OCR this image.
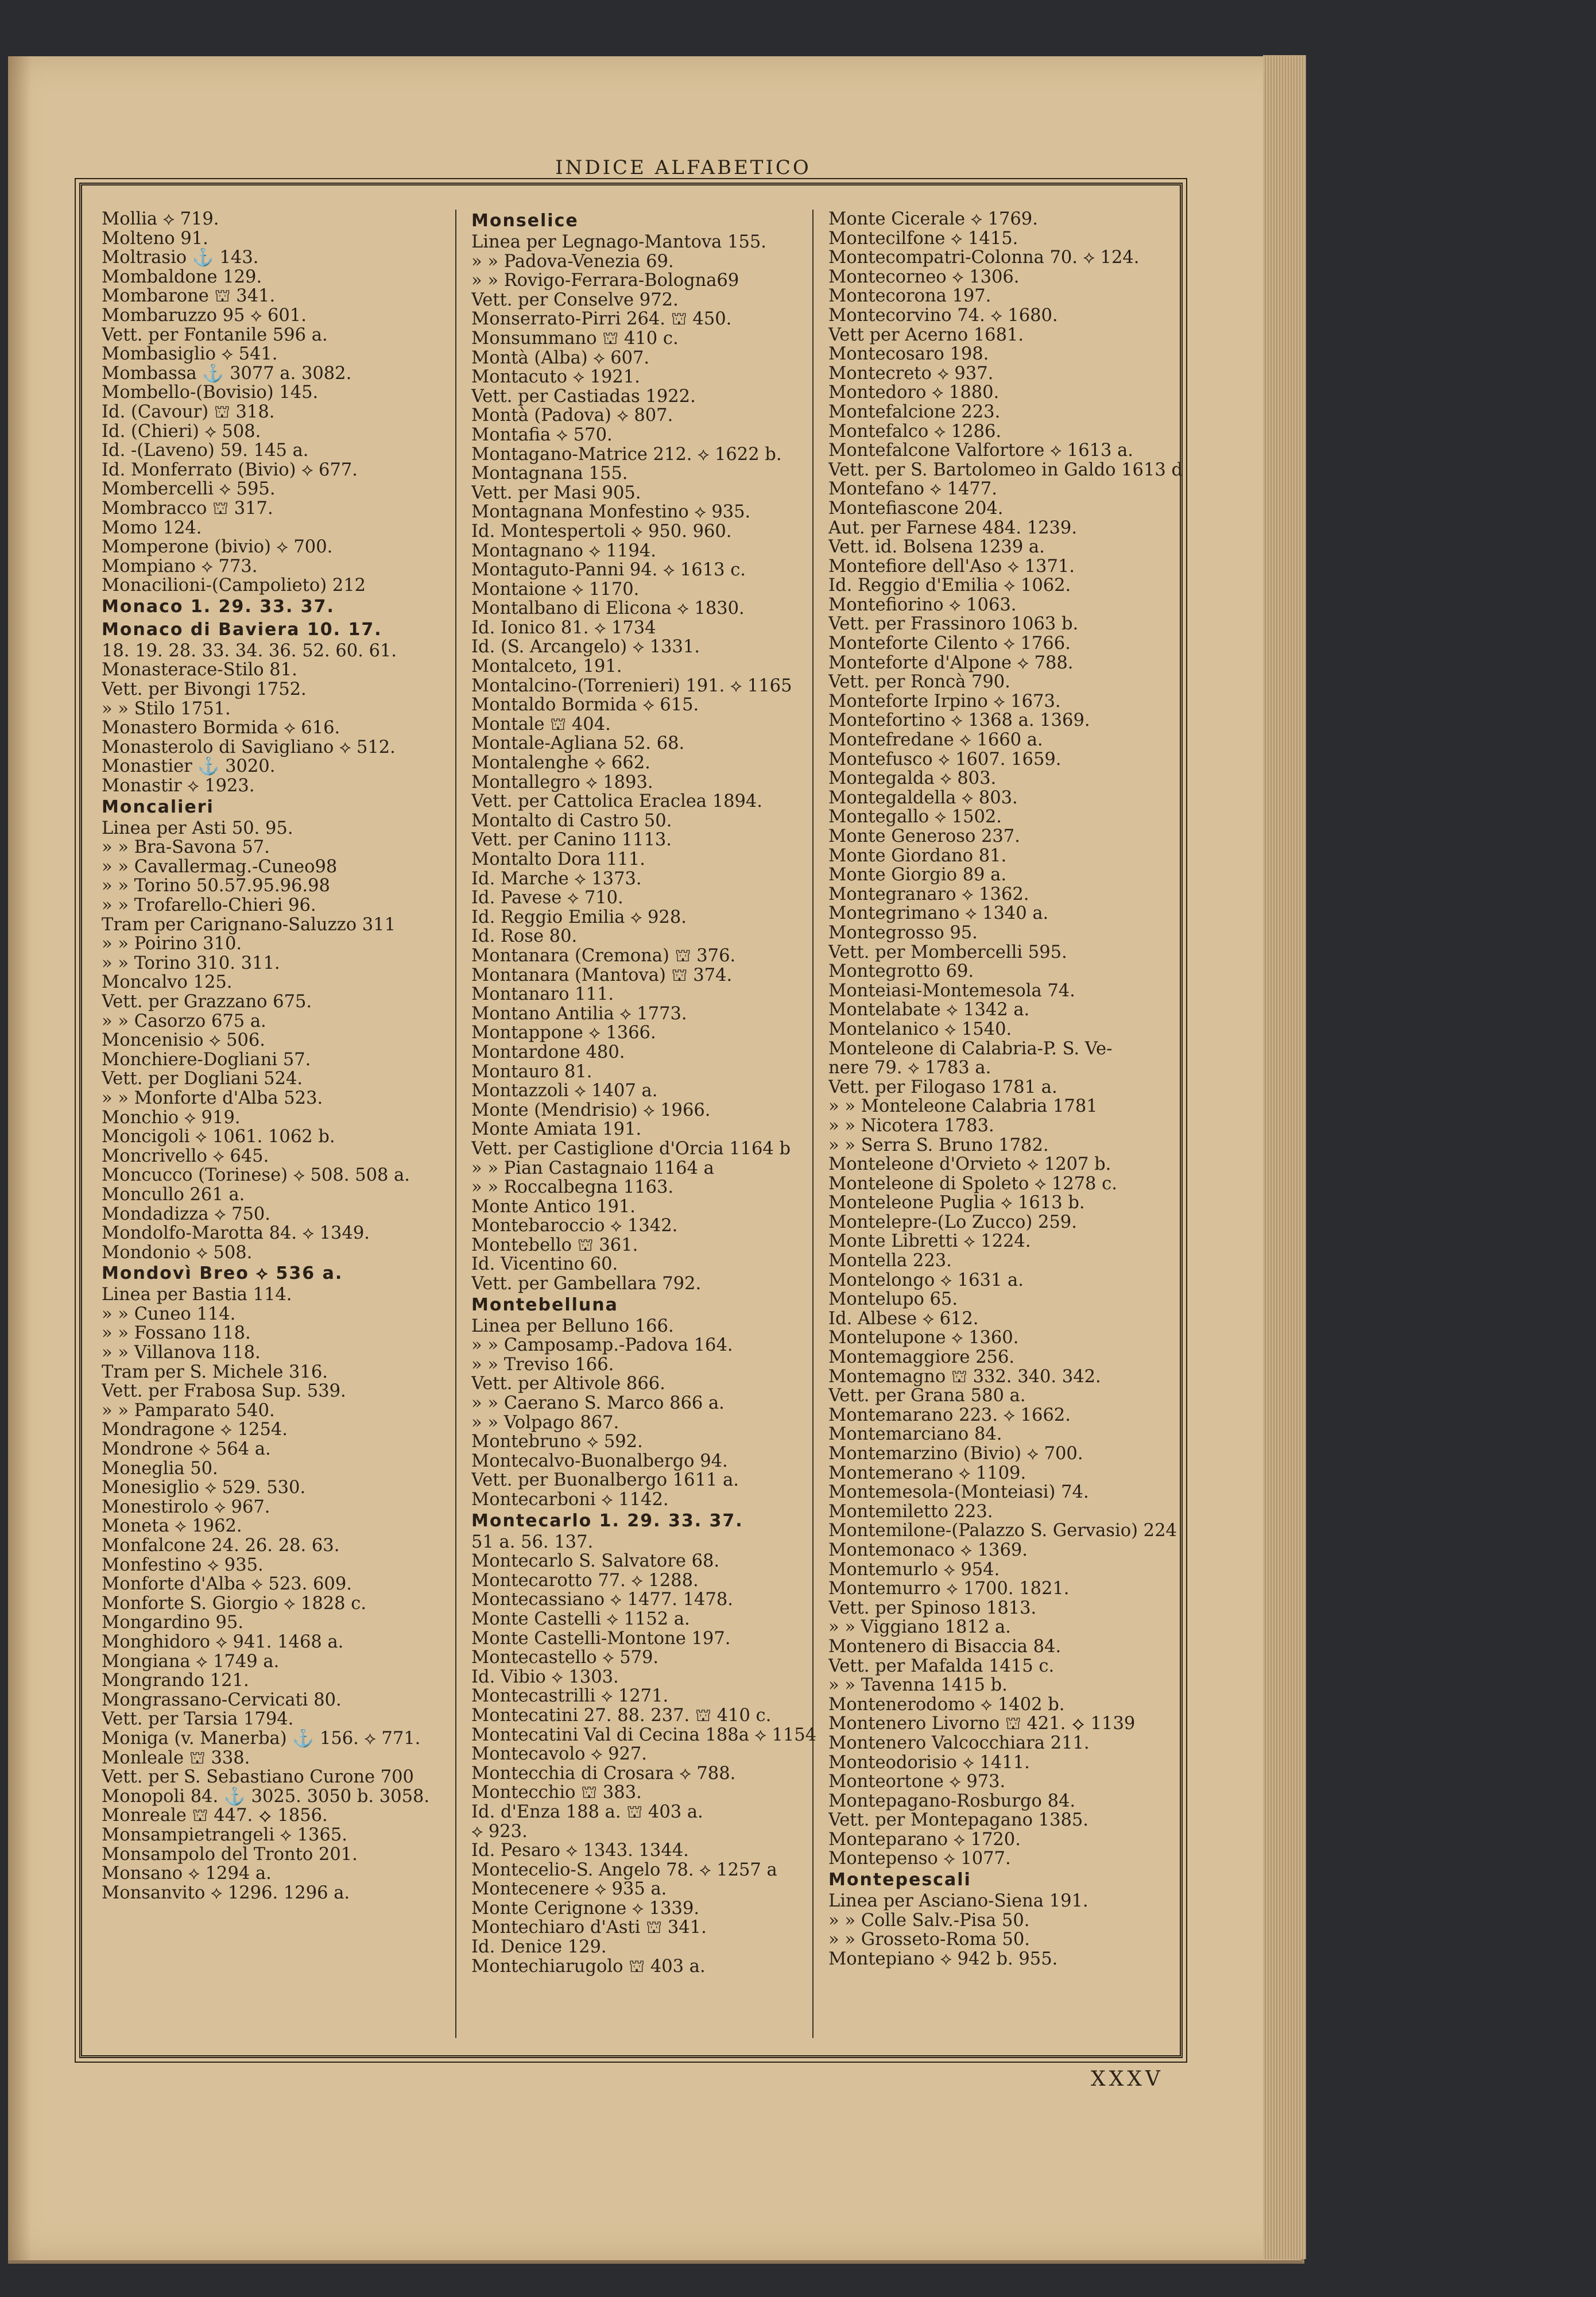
INDICE ALFABETICO
Mollia ⟡ 719.
Molteno 91.
Moltrasio ⚓ 143.
Mombaldone 129.
Mombarone ⛫ 341.
Mombaruzzo 95 ⟡ 601.
Vett. per Fontanile 596 a.
Mombasiglio ⟡ 541.
Mombassa ⚓ 3077 a. 3082.
Mombello-(Bovisio) 145.
Id. (Cavour) ⛫ 318.
Id. (Chieri) ⟡ 508.
Id. -(Laveno) 59. 145 a.
Id. Monferrato (Bivio) ⟡ 677.
Mombercelli ⟡ 595.
Mombracco ⛫ 317.
Momo 124.
Momperone (bivio) ⟡ 700.
Mompiano ⟡ 773.
Monacilioni-(Campolieto) 212
Monaco 1. 29. 33. 37.
Monaco di Baviera 10. 17.
18. 19. 28. 33. 34. 36. 52. 60. 61.
Monasterace-Stilo 81.
Vett. per Bivongi 1752.
» » Stilo 1751.
Monastero Bormida ⟡ 616.
Monasterolo di Savigliano ⟡ 512.
Monastier ⚓ 3020.
Monastir ⟡ 1923.
Moncalieri
Linea per Asti 50. 95.
» » Bra-Savona 57.
» » Cavallermag.-Cuneo98
» » Torino 50.57.95.96.98
» » Trofarello-Chieri 96.
Tram per Carignano-Saluzzo 311
» » Poirino 310.
» » Torino 310. 311.
Moncalvo 125.
Vett. per Grazzano 675.
» » Casorzo 675 a.
Moncenisio ⟡ 506.
Monchiere-Dogliani 57.
Vett. per Dogliani 524.
» » Monforte d'Alba 523.
Monchio ⟡ 919.
Moncigoli ⟡ 1061. 1062 b.
Moncrivello ⟡ 645.
Moncucco (Torinese) ⟡ 508. 508 a.
Moncullo 261 a.
Mondadizza ⟡ 750.
Mondolfo-Marotta 84. ⟡ 1349.
Mondonio ⟡ 508.
Mondovì Breo ⟡ 536 a.
Linea per Bastia 114.
» » Cuneo 114.
» » Fossano 118.
» » Villanova 118.
Tram per S. Michele 316.
Vett. per Frabosa Sup. 539.
» » Pamparato 540.
Mondragone ⟡ 1254.
Mondrone ⟡ 564 a.
Moneglia 50.
Monesiglio ⟡ 529. 530.
Monestirolo ⟡ 967.
Moneta ⟡ 1962.
Monfalcone 24. 26. 28. 63.
Monfestino ⟡ 935.
Monforte d'Alba ⟡ 523. 609.
Monforte S. Giorgio ⟡ 1828 c.
Mongardino 95.
Monghidoro ⟡ 941. 1468 a.
Mongiana ⟡ 1749 a.
Mongrando 121.
Mongrassano-Cervicati 80.
Vett. per Tarsia 1794.
Moniga (v. Manerba) ⚓ 156. ⟡ 771.
Monleale ⛫ 338.
Vett. per S. Sebastiano Curone 700
Monopoli 84. ⚓ 3025. 3050 b. 3058.
Monreale ⛫ 447. ⟡ 1856.
Monsampietrangeli ⟡ 1365.
Monsampolo del Tronto 201.
Monsano ⟡ 1294 a.
Monsanvito ⟡ 1296. 1296 a.
Monselice
Linea per Legnago-Mantova 155.
» » Padova-Venezia 69.
» » Rovigo-Ferrara-Bologna69
Vett. per Conselve 972.
Monserrato-Pirri 264. ⛫ 450.
Monsummano ⛫ 410 c.
Montà (Alba) ⟡ 607.
Montacuto ⟡ 1921.
Vett. per Castiadas 1922.
Montà (Padova) ⟡ 807.
Montafia ⟡ 570.
Montagano-Matrice 212. ⟡ 1622 b.
Montagnana 155.
Vett. per Masi 905.
Montagnana Monfestino ⟡ 935.
Id. Montespertoli ⟡ 950. 960.
Montagnano ⟡ 1194.
Montaguto-Panni 94. ⟡ 1613 c.
Montaione ⟡ 1170.
Montalbano di Elicona ⟡ 1830.
Id. Ionico 81. ⟡ 1734
Id. (S. Arcangelo) ⟡ 1331.
Montalceto, 191.
Montalcino-(Torrenieri) 191. ⟡ 1165
Montaldo Bormida ⟡ 615.
Montale ⛫ 404.
Montale-Agliana 52. 68.
Montalenghe ⟡ 662.
Montallegro ⟡ 1893.
Vett. per Cattolica Eraclea 1894.
Montalto di Castro 50.
Vett. per Canino 1113.
Montalto Dora 111.
Id. Marche ⟡ 1373.
Id. Pavese ⟡ 710.
Id. Reggio Emilia ⟡ 928.
Id. Rose 80.
Montanara (Cremona) ⛫ 376.
Montanara (Mantova) ⛫ 374.
Montanaro 111.
Montano Antilia ⟡ 1773.
Montappone ⟡ 1366.
Montardone 480.
Montauro 81.
Montazzoli ⟡ 1407 a.
Monte (Mendrisio) ⟡ 1966.
Monte Amiata 191.
Vett. per Castiglione d'Orcia 1164 b
» » Pian Castagnaio 1164 a
» » Roccalbegna 1163.
Monte Antico 191.
Montebaroccio ⟡ 1342.
Montebello ⛫ 361.
Id. Vicentino 60.
Vett. per Gambellara 792.
Montebelluna
Linea per Belluno 166.
» » Camposamp.-Padova 164.
» » Treviso 166.
Vett. per Altivole 866.
» » Caerano S. Marco 866 a.
» » Volpago 867.
Montebruno ⟡ 592.
Montecalvo-Buonalbergo 94.
Vett. per Buonalbergo 1611 a.
Montecarboni ⟡ 1142.
Montecarlo 1. 29. 33. 37.
51 a. 56. 137.
Montecarlo S. Salvatore 68.
Montecarotto 77. ⟡ 1288.
Montecassiano ⟡ 1477. 1478.
Monte Castelli ⟡ 1152 a.
Monte Castelli-Montone 197.
Montecastello ⟡ 579.
Id. Vibio ⟡ 1303.
Montecastrilli ⟡ 1271.
Montecatini 27. 88. 237. ⛫ 410 c.
Montecatini Val di Cecina 188a ⟡ 1154
Montecavolo ⟡ 927.
Montecchia di Crosara ⟡ 788.
Montecchio ⛫ 383.
Id. d'Enza 188 a. ⛫ 403 a.
⟡ 923.
Id. Pesaro ⟡ 1343. 1344.
Montecelio-S. Angelo 78. ⟡ 1257 a
Montecenere ⟡ 935 a.
Monte Cerignone ⟡ 1339.
Montechiaro d'Asti ⛫ 341.
Id. Denice 129.
Montechiarugolo ⛫ 403 a.
Monte Cicerale ⟡ 1769.
Montecilfone ⟡ 1415.
Montecompatri-Colonna 70. ⟡ 124.
Montecorneo ⟡ 1306.
Montecorona 197.
Montecorvino 74. ⟡ 1680.
Vett per Acerno 1681.
Montecosaro 198.
Montecreto ⟡ 937.
Montedoro ⟡ 1880.
Montefalcione 223.
Montefalco ⟡ 1286.
Montefalcone Valfortore ⟡ 1613 a.
Vett. per S. Bartolomeo in Galdo 1613 d
Montefano ⟡ 1477.
Montefiascone 204.
Aut. per Farnese 484. 1239.
Vett. id. Bolsena 1239 a.
Montefiore dell'Aso ⟡ 1371.
Id. Reggio d'Emilia ⟡ 1062.
Montefiorino ⟡ 1063.
Vett. per Frassinoro 1063 b.
Monteforte Cilento ⟡ 1766.
Monteforte d'Alpone ⟡ 788.
Vett. per Roncà 790.
Monteforte Irpino ⟡ 1673.
Montefortino ⟡ 1368 a. 1369.
Montefredane ⟡ 1660 a.
Montefusco ⟡ 1607. 1659.
Montegalda ⟡ 803.
Montegaldella ⟡ 803.
Montegallo ⟡ 1502.
Monte Generoso 237.
Monte Giordano 81.
Monte Giorgio 89 a.
Montegranaro ⟡ 1362.
Montegrimano ⟡ 1340 a.
Montegrosso 95.
Vett. per Mombercelli 595.
Montegrotto 69.
Monteiasi-Montemesola 74.
Montelabate ⟡ 1342 a.
Montelanico ⟡ 1540.
Monteleone di Calabria-P. S. Ve-
nere 79. ⟡ 1783 a.
Vett. per Filogaso 1781 a.
» » Monteleone Calabria 1781
» » Nicotera 1783.
» » Serra S. Bruno 1782.
Monteleone d'Orvieto ⟡ 1207 b.
Monteleone di Spoleto ⟡ 1278 c.
Monteleone Puglia ⟡ 1613 b.
Montelepre-(Lo Zucco) 259.
Monte Libretti ⟡ 1224.
Montella 223.
Montelongo ⟡ 1631 a.
Montelupo 65.
Id. Albese ⟡ 612.
Montelupone ⟡ 1360.
Montemaggiore 256.
Montemagno ⛫ 332. 340. 342.
Vett. per Grana 580 a.
Montemarano 223. ⟡ 1662.
Montemarciano 84.
Montemarzino (Bivio) ⟡ 700.
Montemerano ⟡ 1109.
Montemesola-(Monteiasi) 74.
Montemiletto 223.
Montemilone-(Palazzo S. Gervasio) 224
Montemonaco ⟡ 1369.
Montemurlo ⟡ 954.
Montemurro ⟡ 1700. 1821.
Vett. per Spinoso 1813.
» » Viggiano 1812 a.
Montenero di Bisaccia 84.
Vett. per Mafalda 1415 c.
» » Tavenna 1415 b.
Montenerodomo ⟡ 1402 b.
Montenero Livorno ⛫ 421. ⟡ 1139
Montenero Valcocchiara 211.
Monteodorisio ⟡ 1411.
Monteortone ⟡ 973.
Montepagano-Rosburgo 84.
Vett. per Montepagano 1385.
Monteparano ⟡ 1720.
Montepenso ⟡ 1077.
Montepescali
Linea per Asciano-Siena 191.
» » Colle Salv.-Pisa 50.
» » Grosseto-Roma 50.
Montepiano ⟡ 942 b. 955.
XXXV
